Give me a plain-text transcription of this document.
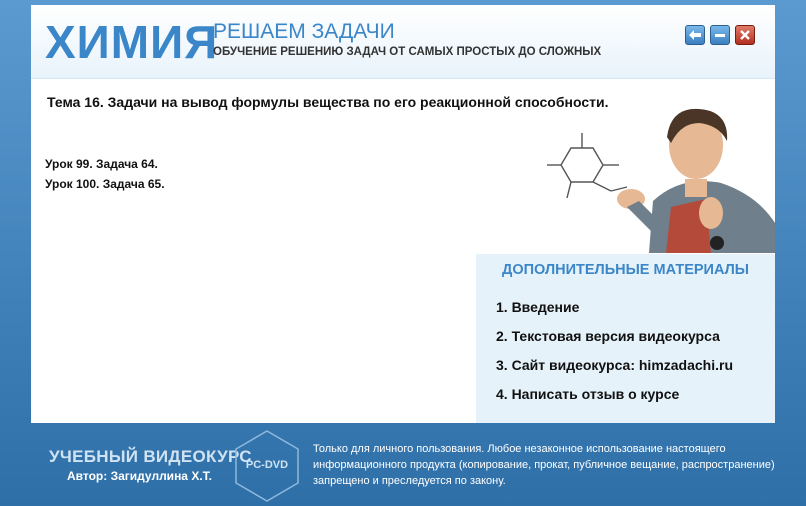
ХИМИЯ
РЕШАЕМ ЗАДАЧИ
ОБУЧЕНИЕ РЕШЕНИЮ ЗАДАЧ ОТ САМЫХ ПРОСТЫХ ДО СЛОЖНЫХ
Тема 16. Задачи на вывод формулы вещества по его реакционной способности.
Урок 99. Задача 64.
Урок 100. Задача 65.
ДОПОЛНИТЕЛЬНЫЕ МАТЕРИАЛЫ
1. Введение
2. Текстовая версия видеокурса
3. Сайт видеокурса: himzadachi.ru
4. Написать отзыв о курсе
УЧЕБНЫЙ ВИДЕОКУРС
Автор: Загидуллина Х.Т.
PC-DVD
Только для личного пользования. Любое незаконное использование настоящего информационного продукта (копирование, прокат, публичное вещание, распространение) запрещено и преследуется по закону.
